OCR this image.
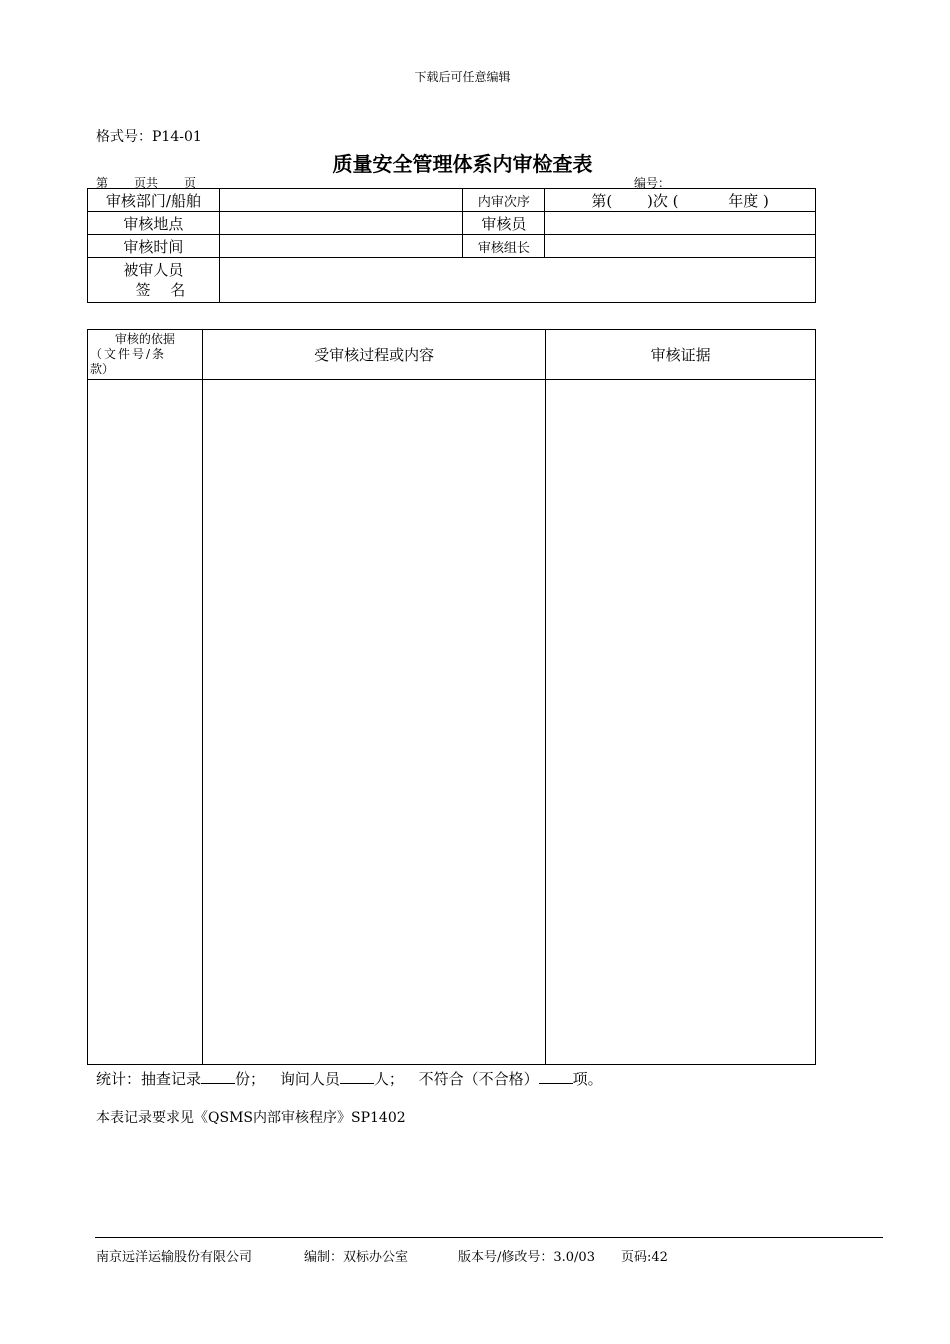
下载后可任意编辑
格式号：P14-01
质量安全管理体系内审检查表
第 页共 页	编号：
审核部门/船舶		内审次序	第(　　 )次 (　　　 年度 )
审核地点		审核员	
审核时间		审核组长	

被审人员
签　 名			

审核的依据
（文件号/条
款）	受审核过程或内容	审核证据

统计：抽查记录 份； 询问人员 人； 不符合（不合格） 项。
本表记录要求见《QSMS内部审核程序》SP1402
南京远洋运输股份有限公司	编制：双标办公室	版本号/修改号：3.0/03 页码:42
